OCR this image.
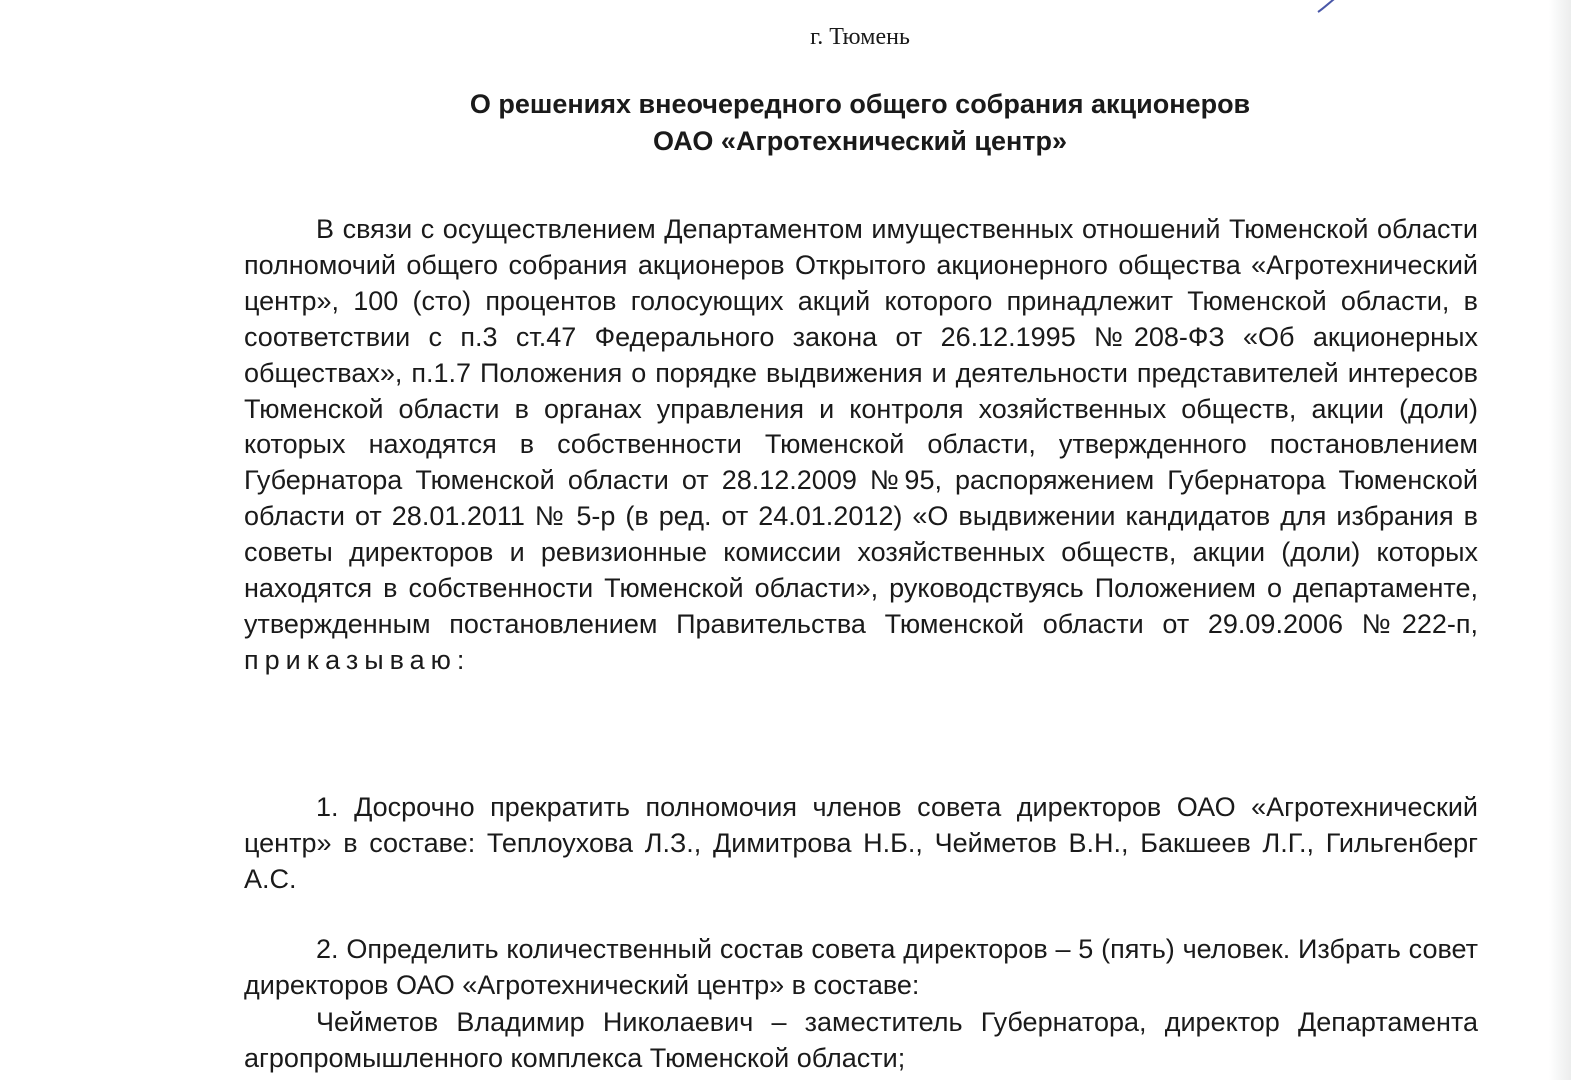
г. Тюмень
О решениях внеочередного общего собрания акционеров
ОАО «Агротехнический центр»
В связи с осуществлением Департаментом имущественных отношений Тюменской области полномочий общего собрания акционеров Открытого акционерного общества «Агротехнический центр», 100 (сто) процентов голосующих акций которого принадлежит Тюменской области, в соответствии с п.3 ст.47 Федерального закона от 26.12.1995 №208-ФЗ «Об акционерных обществах», п.1.7 Положения о порядке выдвижения и деятельности представителей интересов Тюменской области в органах управления и контроля хозяйственных обществ, акции (доли) которых находятся в собственности Тюменской области, утвержденного постановлением Губернатора Тюменской области от 28.12.2009 №95, распоряжением Губернатора Тюменской области от 28.01.2011 № 5-р (в ред. от 24.01.2012) «О выдвижении кандидатов для избрания в советы директоров и ревизионные комиссии хозяйственных обществ, акции (доли) которых находятся в собственности Тюменской области», руководствуясь Положением о департаменте, утвержденным постановлением Правительства Тюменской области от 29.09.2006 №222-п, приказываю:
1. Досрочно прекратить полномочия членов совета директоров ОАО «Агротехнический центр» в составе: Теплоухова Л.З., Димитрова Н.Б., Чейметов В.Н., Бакшеев Л.Г., Гильгенберг А.С.
2. Определить количественный состав совета директоров – 5 (пять) человек. Избрать совет директоров ОАО «Агротехнический центр» в составе:
Чейметов Владимир Николаевич – заместитель Губернатора, директор Департамента агропромышленного комплекса Тюменской области;
